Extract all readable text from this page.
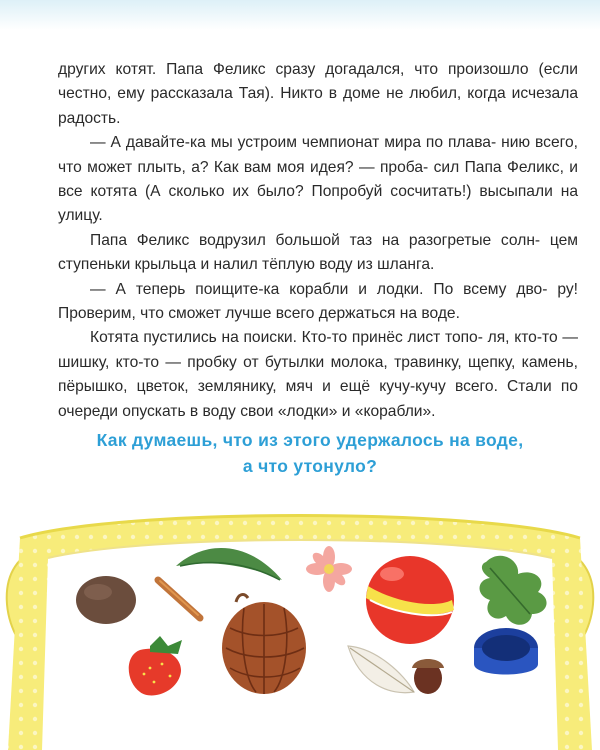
других котят. Папа Феликс сразу догадался, что произошло (если честно, ему рассказала Тая). Никто в доме не любил, когда исчезала радость.

— А давайте-ка мы устроим чемпионат мира по плава- нию всего, что может плыть, а? Как вам моя идея? — проба- сил Папа Феликс, и все котята (А сколько их было? Попробуй сосчитать!) высыпали на улицу.

Папа Феликс водрузил большой таз на разогретые солн- цем ступеньки крыльца и налил тёплую воду из шланга.

— А теперь поищите-ка корабли и лодки. По всему дво- ру! Проверим, что сможет лучше всего держаться на воде.

Котята пустились на поиски. Кто-то принёс лист топо- ля, кто-то — шишку, кто-то — пробку от бутылки молока, травинку, щепку, камень, пёрышко, цветок, землянику, мяч и ещё кучу-кучу всего. Стали по очереди опускать в воду свои «лодки» и «корабли».

Как думаешь, что из этого удержалось на воде,
а что утонуло?
